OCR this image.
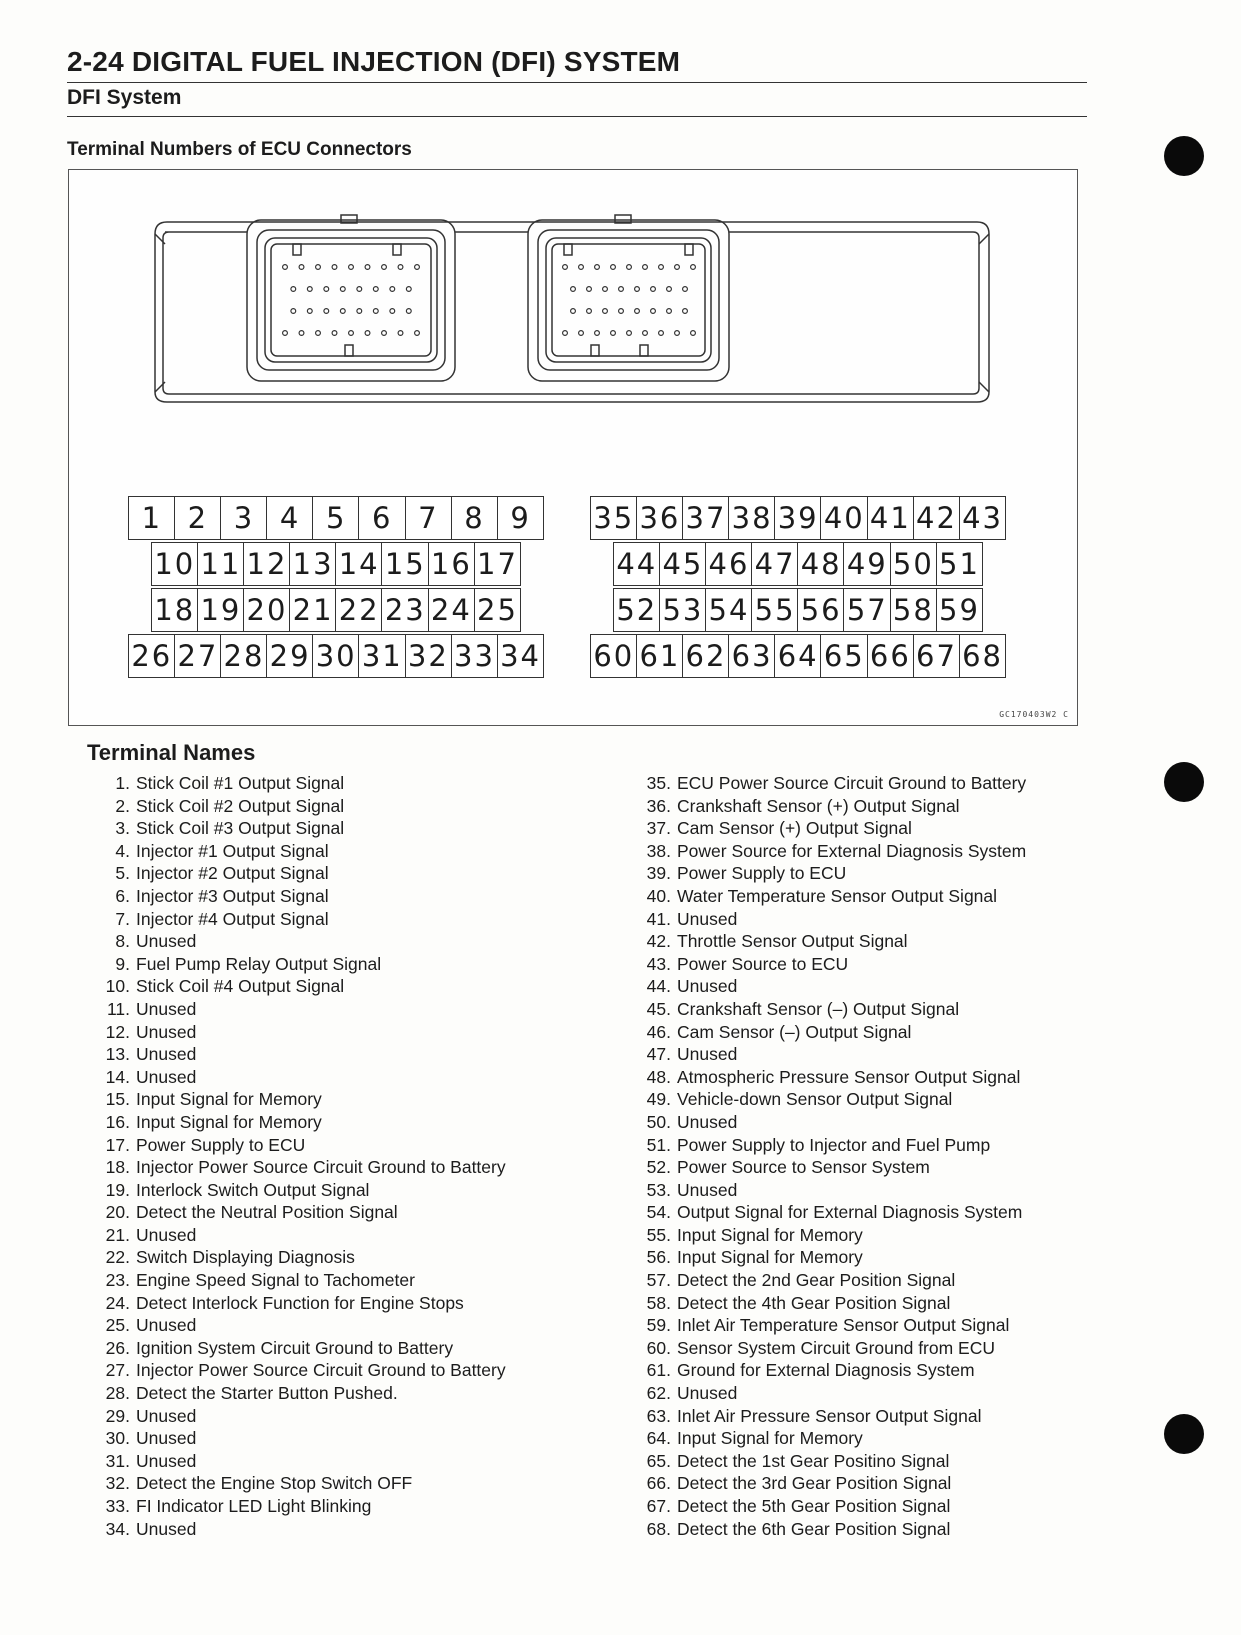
2-24 DIGITAL FUEL INJECTION (DFI) SYSTEM
DFI System
Terminal Numbers of ECU Connectors
1 2 3 4 5 6 7 8 9
10 11 12 13 14 15 16 17
18 19 20 21 22 23 24 25
26 27 28 29 30 31 32 33 34
35 36 37 38 39 40 41 42 43
44 45 46 47 48 49 50 51
52 53 54 55 56 57 58 59
60 61 62 63 64 65 66 67 68
GC170403W2 C
Terminal Names
1. Stick Coil #1 Output Signal
2. Stick Coil #2 Output Signal
3. Stick Coil #3 Output Signal
4. Injector #1 Output Signal
5. Injector #2 Output Signal
6. Injector #3 Output Signal
7. Injector #4 Output Signal
8. Unused
9. Fuel Pump Relay Output Signal
10. Stick Coil #4 Output Signal
11. Unused
12. Unused
13. Unused
14. Unused
15. Input Signal for Memory
16. Input Signal for Memory
17. Power Supply to ECU
18. Injector Power Source Circuit Ground to Battery
19. Interlock Switch Output Signal
20. Detect the Neutral Position Signal
21. Unused
22. Switch Displaying Diagnosis
23. Engine Speed Signal to Tachometer
24. Detect Interlock Function for Engine Stops
25. Unused
26. Ignition System Circuit Ground to Battery
27. Injector Power Source Circuit Ground to Battery
28. Detect the Starter Button Pushed.
29. Unused
30. Unused
31. Unused
32. Detect the Engine Stop Switch OFF
33. FI Indicator LED Light Blinking
34. Unused
35. ECU Power Source Circuit Ground to Battery
36. Crankshaft Sensor (+) Output Signal
37. Cam Sensor (+) Output Signal
38. Power Source for External Diagnosis System
39. Power Supply to ECU
40. Water Temperature Sensor Output Signal
41. Unused
42. Throttle Sensor Output Signal
43. Power Source to ECU
44. Unused
45. Crankshaft Sensor (–) Output Signal
46. Cam Sensor (–) Output Signal
47. Unused
48. Atmospheric Pressure Sensor Output Signal
49. Vehicle-down Sensor Output Signal
50. Unused
51. Power Supply to Injector and Fuel Pump
52. Power Source to Sensor System
53. Unused
54. Output Signal for External Diagnosis System
55. Input Signal for Memory
56. Input Signal for Memory
57. Detect the 2nd Gear Position Signal
58. Detect the 4th Gear Position Signal
59. Inlet Air Temperature Sensor Output Signal
60. Sensor System Circuit Ground from ECU
61. Ground for External Diagnosis System
62. Unused
63. Inlet Air Pressure Sensor Output Signal
64. Input Signal for Memory
65. Detect the 1st Gear Positino Signal
66. Detect the 3rd Gear Position Signal
67. Detect the 5th Gear Position Signal
68. Detect the 6th Gear Position Signal
